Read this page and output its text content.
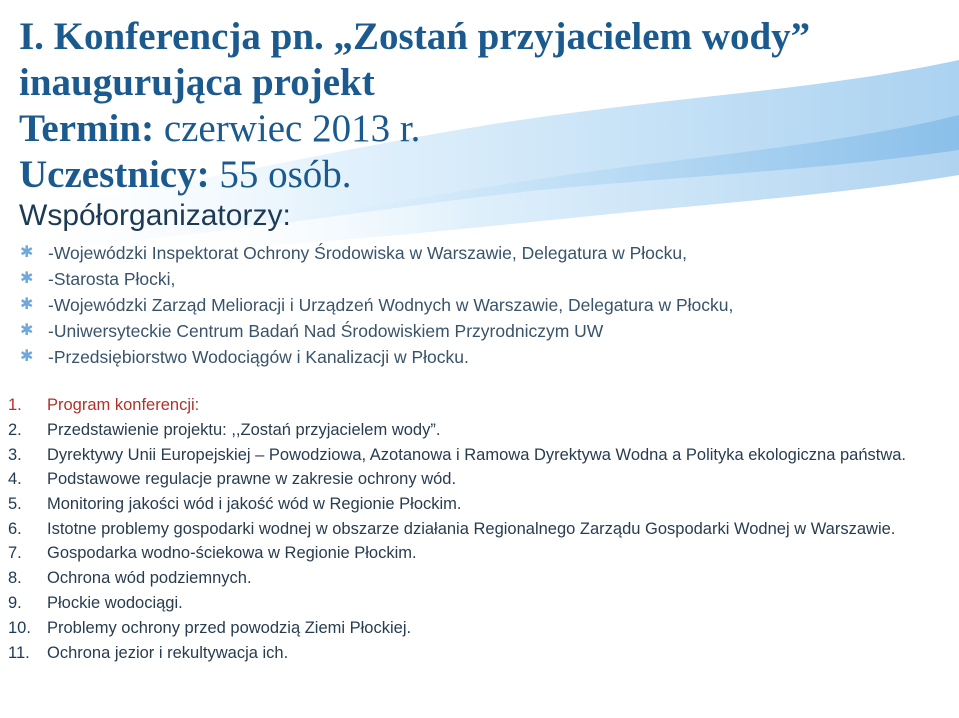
I. Konferencja pn. „Zostań przyjacielem wody”
inaugurująca projekt
Termin: czerwiec 2013 r.
Uczestnicy: 55 osób.
Współorganizatorzy:
✱ -Wojewódzki Inspektorat Ochrony Środowiska w Warszawie, Delegatura w Płocku,
✱ -Starosta Płocki,
✱ -Wojewódzki Zarząd Melioracji i Urządzeń Wodnych w Warszawie, Delegatura w Płocku,
✱ -Uniwersyteckie Centrum Badań Nad Środowiskiem Przyrodniczym UW
✱ -Przedsiębiorstwo Wodociągów i Kanalizacji w Płocku.
1.	Program konferencji:
2.	Przedstawienie projektu: ,,Zostań przyjacielem wody”.
3.	Dyrektywy Unii Europejskiej – Powodziowa, Azotanowa i Ramowa Dyrektywa Wodna a Polityka ekologiczna państwa.
4.	Podstawowe regulacje prawne w zakresie ochrony wód.
5.	Monitoring jakości wód i jakość wód w Regionie Płockim.
6.	Istotne problemy gospodarki wodnej w obszarze działania Regionalnego Zarządu Gospodarki Wodnej w Warszawie.
7.	Gospodarka wodno-ściekowa w Regionie Płockim.
8.	Ochrona wód podziemnych.
9.	Płockie wodociągi.
10. Problemy ochrony przed powodzią Ziemi Płockiej.
11.	Ochrona jezior i rekultywacja ich.
